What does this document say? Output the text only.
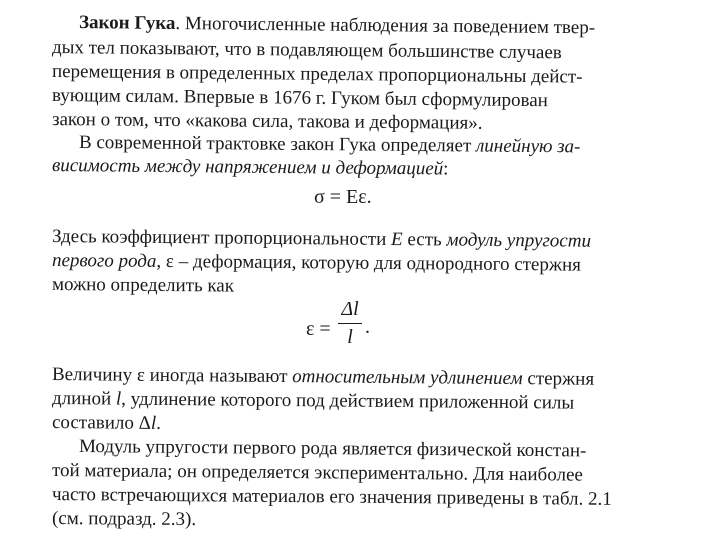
Закон Гука. Многочисленные наблюдения за поведением твер-
дых тел показывают, что в подавляющем большинстве случаев
перемещения в определенных пределах пропорциональны дейст-
вующим силам. Впервые в 1676 г. Гуком был сформулирован
закон о том, что «какова сила, такова и деформация».
В современной трактовке закон Гука определяет линейную за-
висимость между напряжением и деформацией:
σ = Eε.
Здесь коэффициент пропорциональности E есть модуль упругости
первого рода, ε – деформация, которую для однородного стержня
можно определить как
ε =
Δl
l .
Величину ε иногда называют относительным удлинением стержня
длиной l, удлинение которого под действием приложенной силы
составило Δl.
Модуль упругости первого рода является физической констан-
той материала; он определяется экспериментально. Для наиболее
часто встречающихся материалов его значения приведены в табл. 2.1
(см. подразд. 2.3).
